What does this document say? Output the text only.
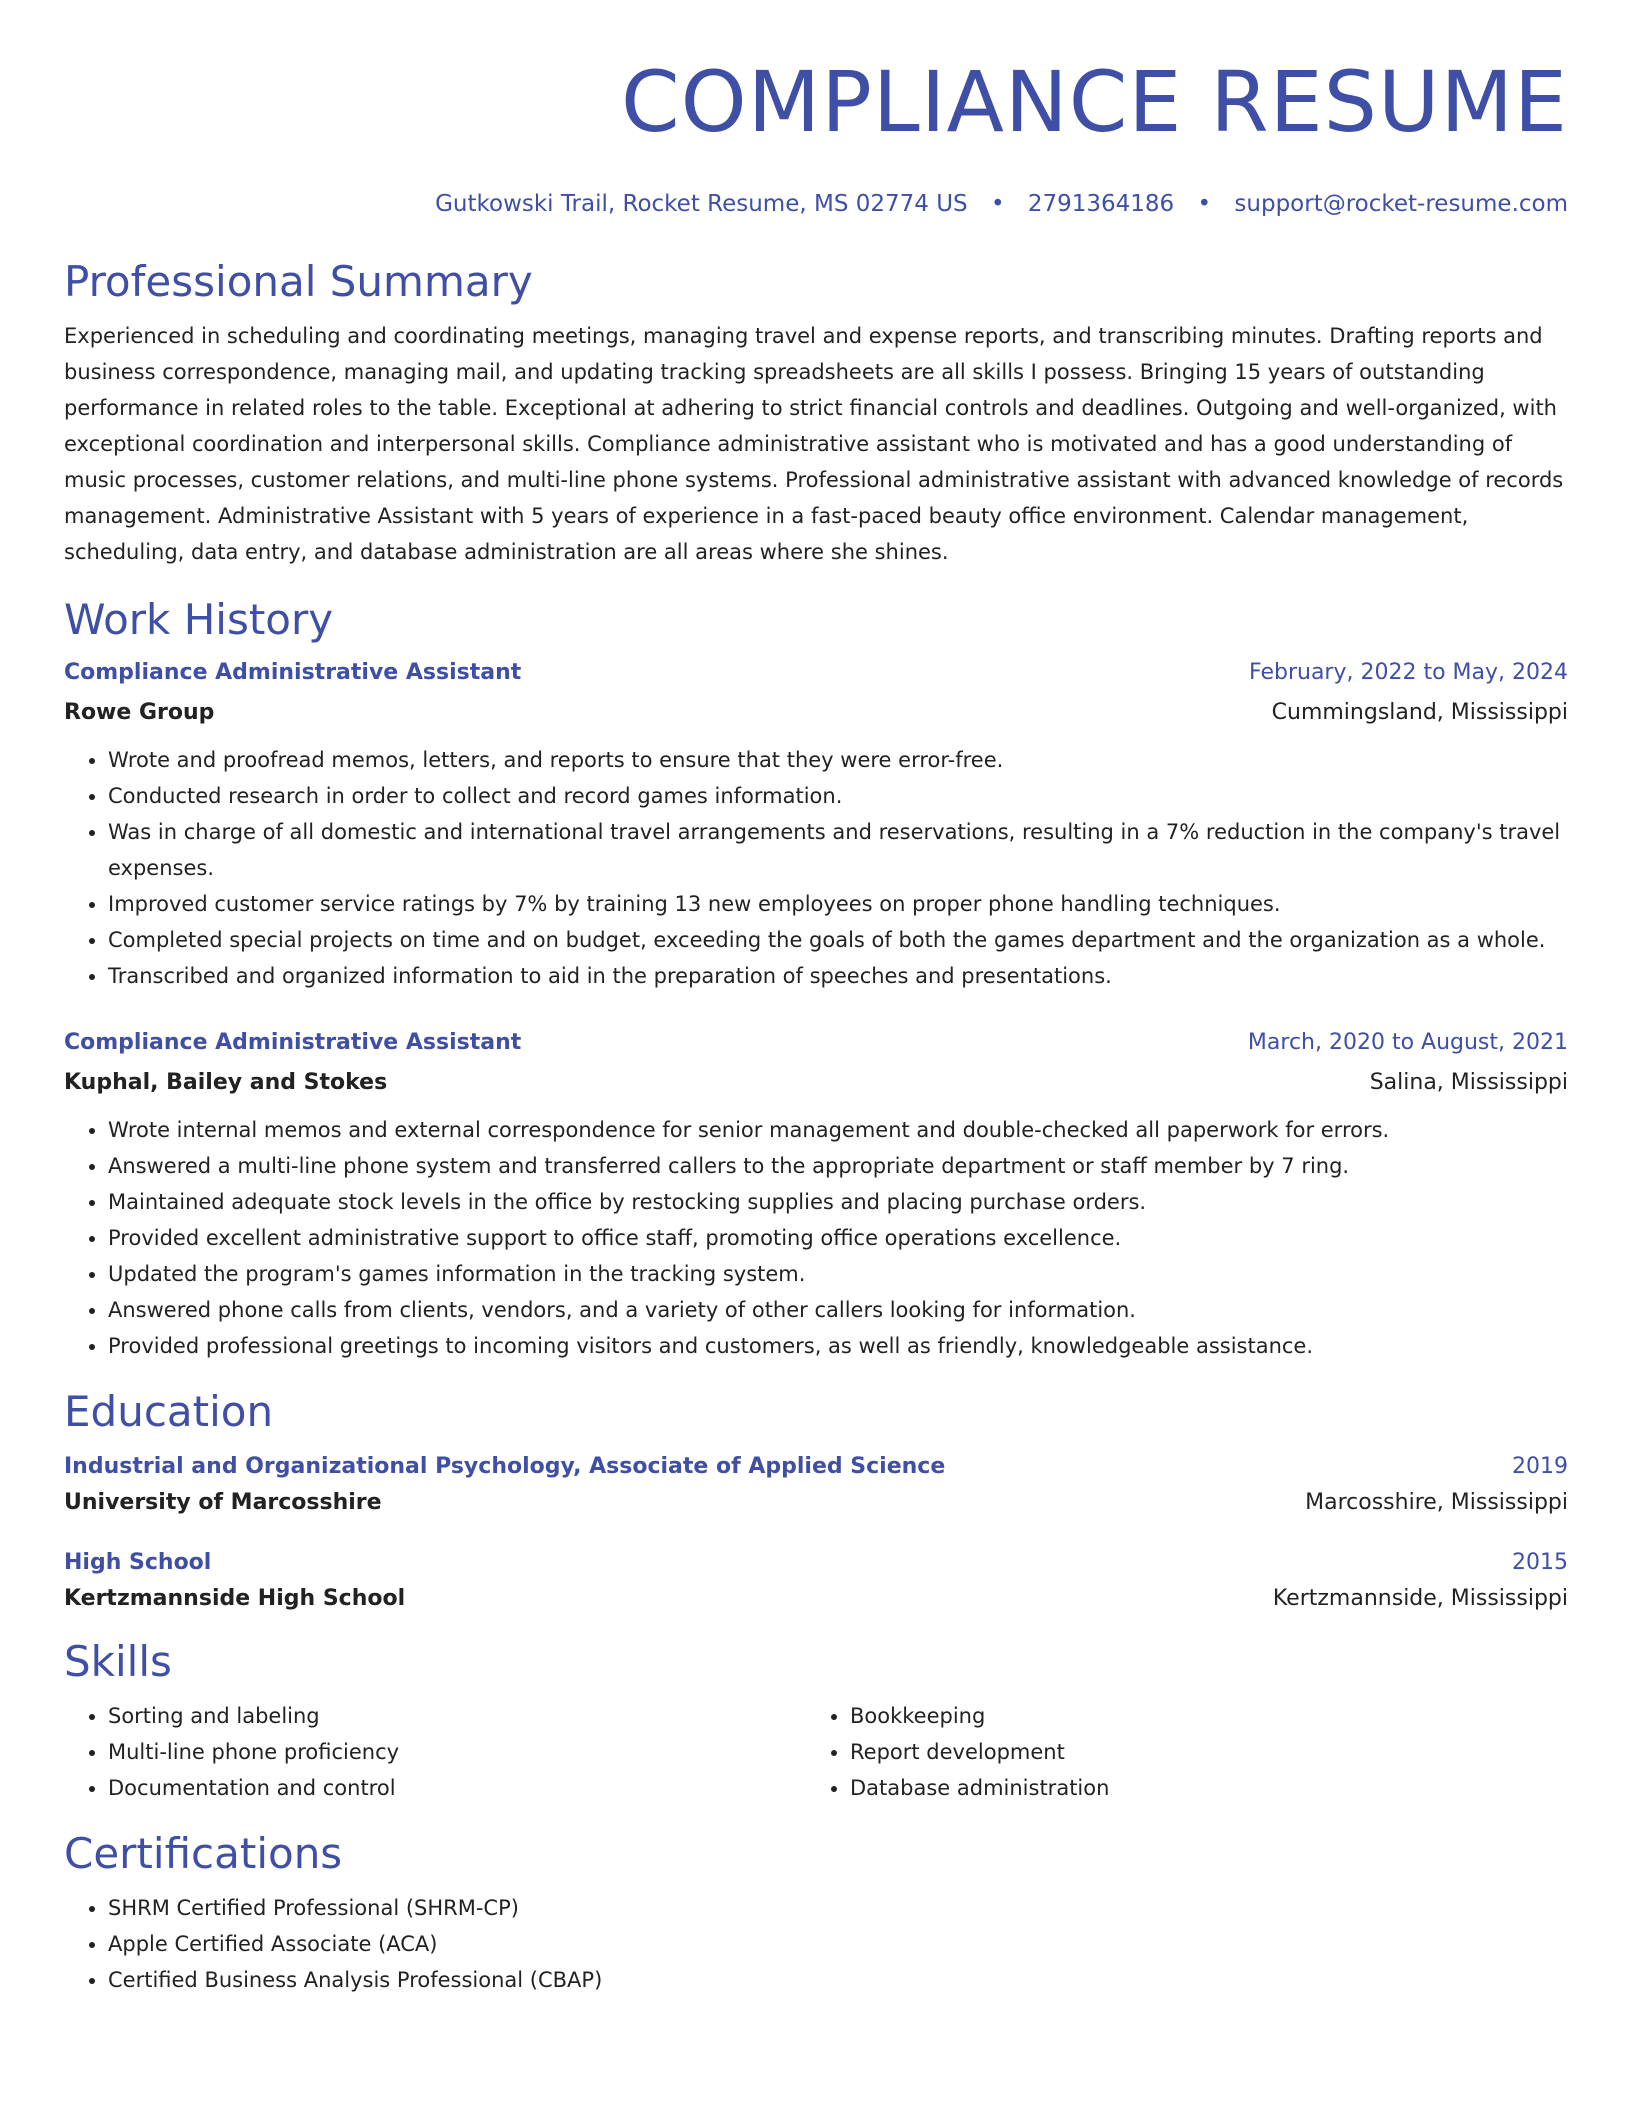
COMPLIANCE RESUME
Gutkowski Trail, Rocket Resume, MS 02774 US • 2791364186 • support@rocket-resume.com
Professional Summary

Experienced in scheduling and coordinating meetings, managing travel and expense reports, and transcribing minutes. Drafting reports and business correspondence, managing mail, and updating tracking spreadsheets are all skills I possess. Bringing 15 years of outstanding performance in related roles to the table. Exceptional at adhering to strict financial controls and deadlines. Outgoing and well-organized, with exceptional coordination and interpersonal skills. Compliance administrative assistant who is motivated and has a good understanding of music processes, customer relations, and multi-line phone systems. Professional administrative assistant with advanced knowledge of records management. Administrative Assistant with 5 years of experience in a fast-paced beauty office environment. Calendar management, scheduling, data entry, and database administration are all areas where she shines.

Work History
Compliance Administrative Assistant	February, 2022 to May, 2024
Rowe Group	Cummingsland, Mississippi
• Wrote and proofread memos, letters, and reports to ensure that they were error-free.
• Conducted research in order to collect and record games information.
• Was in charge of all domestic and international travel arrangements and reservations, resulting in a 7% reduction in the company's travel expenses.
• Improved customer service ratings by 7% by training 13 new employees on proper phone handling techniques.
• Completed special projects on time and on budget, exceeding the goals of both the games department and the organization as a whole.
• Transcribed and organized information to aid in the preparation of speeches and presentations.
Compliance Administrative Assistant	March, 2020 to August, 2021
Kuphal, Bailey and Stokes	Salina, Mississippi
• Wrote internal memos and external correspondence for senior management and double-checked all paperwork for errors.
• Answered a multi-line phone system and transferred callers to the appropriate department or staff member by 7 ring.
• Maintained adequate stock levels in the office by restocking supplies and placing purchase orders.
• Provided excellent administrative support to office staff, promoting office operations excellence.
• Updated the program's games information in the tracking system.
• Answered phone calls from clients, vendors, and a variety of other callers looking for information.
• Provided professional greetings to incoming visitors and customers, as well as friendly, knowledgeable assistance.
Education
Industrial and Organizational Psychology, Associate of Applied Science	2019
University of Marcosshire	Marcosshire, Mississippi
High School	2015
Kertzmannside High School	Kertzmannside, Mississippi
Skills
• Sorting and labeling
• Multi-line phone proficiency
• Documentation and control
• Bookkeeping
• Report development
• Database administration
Certifications
• SHRM Certified Professional (SHRM-CP)
• Apple Certified Associate (ACA)
• Certified Business Analysis Professional (CBAP)
